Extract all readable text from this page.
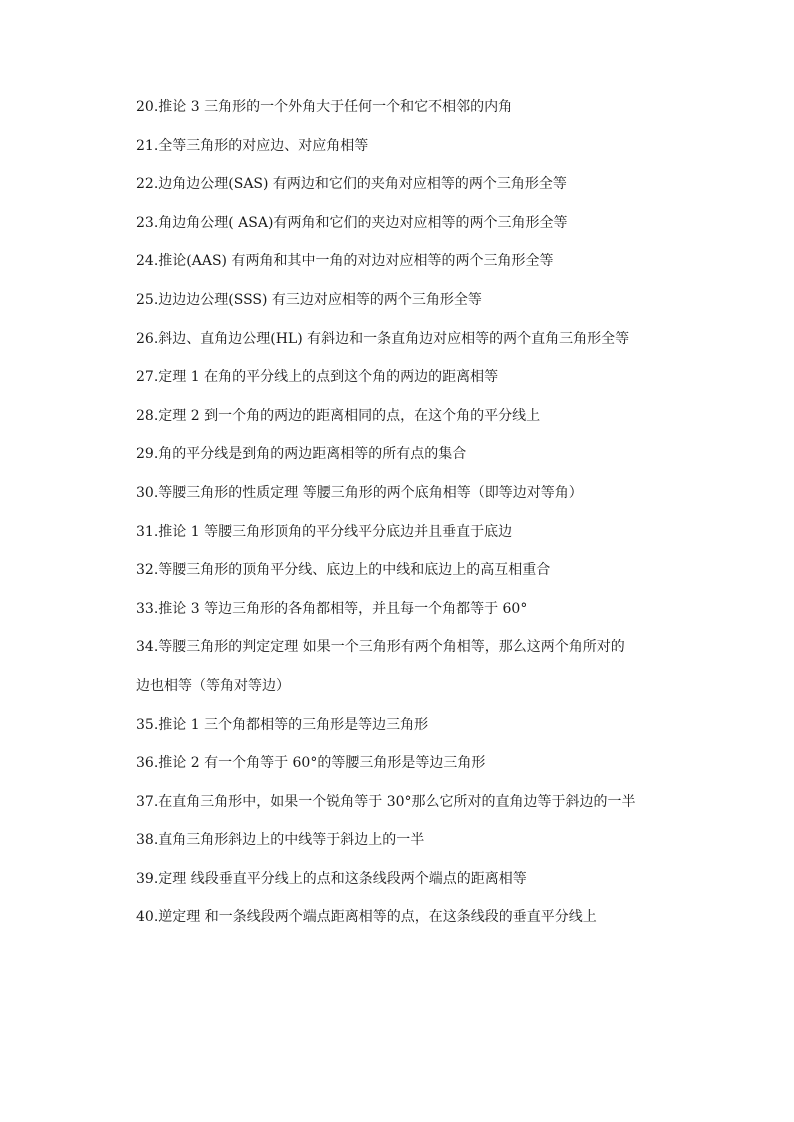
20.推论 3 三角形的一个外角大于任何一个和它不相邻的内角
21.全等三角形的对应边、对应角相等
22.边角边公理(SAS) 有两边和它们的夹角对应相等的两个三角形全等
23.角边角公理( ASA)有两角和它们的夹边对应相等的两个三角形全等
24.推论(AAS) 有两角和其中一角的对边对应相等的两个三角形全等
25.边边边公理(SSS) 有三边对应相等的两个三角形全等
26.斜边、直角边公理(HL) 有斜边和一条直角边对应相等的两个直角三角形全等
27.定理 1 在角的平分线上的点到这个角的两边的距离相等
28.定理 2 到一个角的两边的距离相同的点，在这个角的平分线上
29.角的平分线是到角的两边距离相等的所有点的集合
30.等腰三角形的性质定理 等腰三角形的两个底角相等（即等边对等角）
31.推论 1 等腰三角形顶角的平分线平分底边并且垂直于底边
32.等腰三角形的顶角平分线、底边上的中线和底边上的高互相重合
33.推论 3 等边三角形的各角都相等，并且每一个角都等于 60°
34.等腰三角形的判定定理 如果一个三角形有两个角相等，那么这两个角所对的
边也相等（等角对等边）
35.推论 1 三个角都相等的三角形是等边三角形
36.推论 2 有一个角等于 60°的等腰三角形是等边三角形
37.在直角三角形中，如果一个锐角等于 30°那么它所对的直角边等于斜边的一半
38.直角三角形斜边上的中线等于斜边上的一半
39.定理 线段垂直平分线上的点和这条线段两个端点的距离相等
40.逆定理 和一条线段两个端点距离相等的点，在这条线段的垂直平分线上
